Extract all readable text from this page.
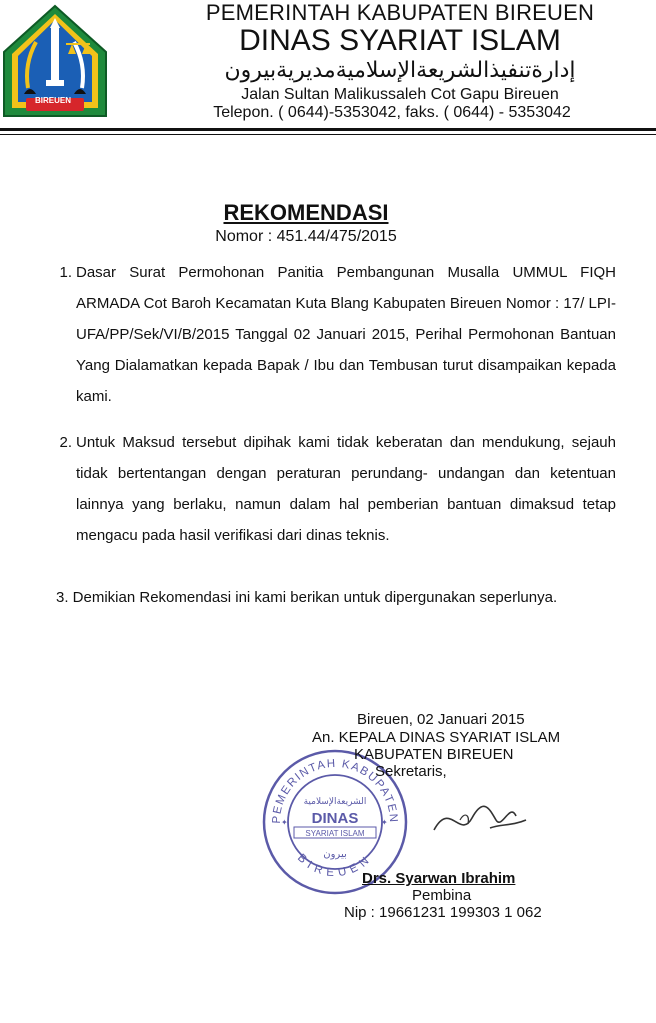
BIREUEN
PEMERINTAH KABUPATEN BIREUEN
DINAS SYARIAT ISLAM
إدارةتنفيذالشريعةالإسلاميةمديريةبيرون
Jalan Sultan Malikussaleh Cot Gapu Bireuen
Telepon. ( 0644)-5353042, faks. ( 0644) - 5353042
REKOMENDASI
Nomor : 451.44/475/2015
1. Dasar Surat Permohonan Panitia Pembangunan Musalla UMMUL FIQH ARMADA Cot Baroh Kecamatan Kuta Blang Kabupaten Bireuen Nomor : 17/ LPI-UFA/PP/Sek/VI/B/2015 Tanggal 02 Januari 2015, Perihal Permohonan Bantuan Yang Dialamatkan kepada Bapak / Ibu dan Tembusan turut disampaikan kepada kami.
2. Untuk Maksud tersebut dipihak kami tidak keberatan dan mendukung, sejauh tidak bertentangan dengan peraturan perundang- undangan dan ketentuan lainnya yang berlaku, namun dalam hal pemberian bantuan dimaksud tetap mengacu pada hasil verifikasi dari dinas teknis.
3. Demikian Rekomendasi ini kami berikan untuk dipergunakan seperlunya.
PEMERINTAH KABUPATEN
BIREUEN
✦
✦
الشريعةالإسلامية
DINAS
SYARIAT ISLAM
بيرون
Bireuen, 02 Januari 2015
An. KEPALA DINAS SYARIAT ISLAM
KABUPATEN BIREUEN
Sekretaris,
Drs. Syarwan Ibrahim
Pembina
Nip : 19661231 199303 1 062
